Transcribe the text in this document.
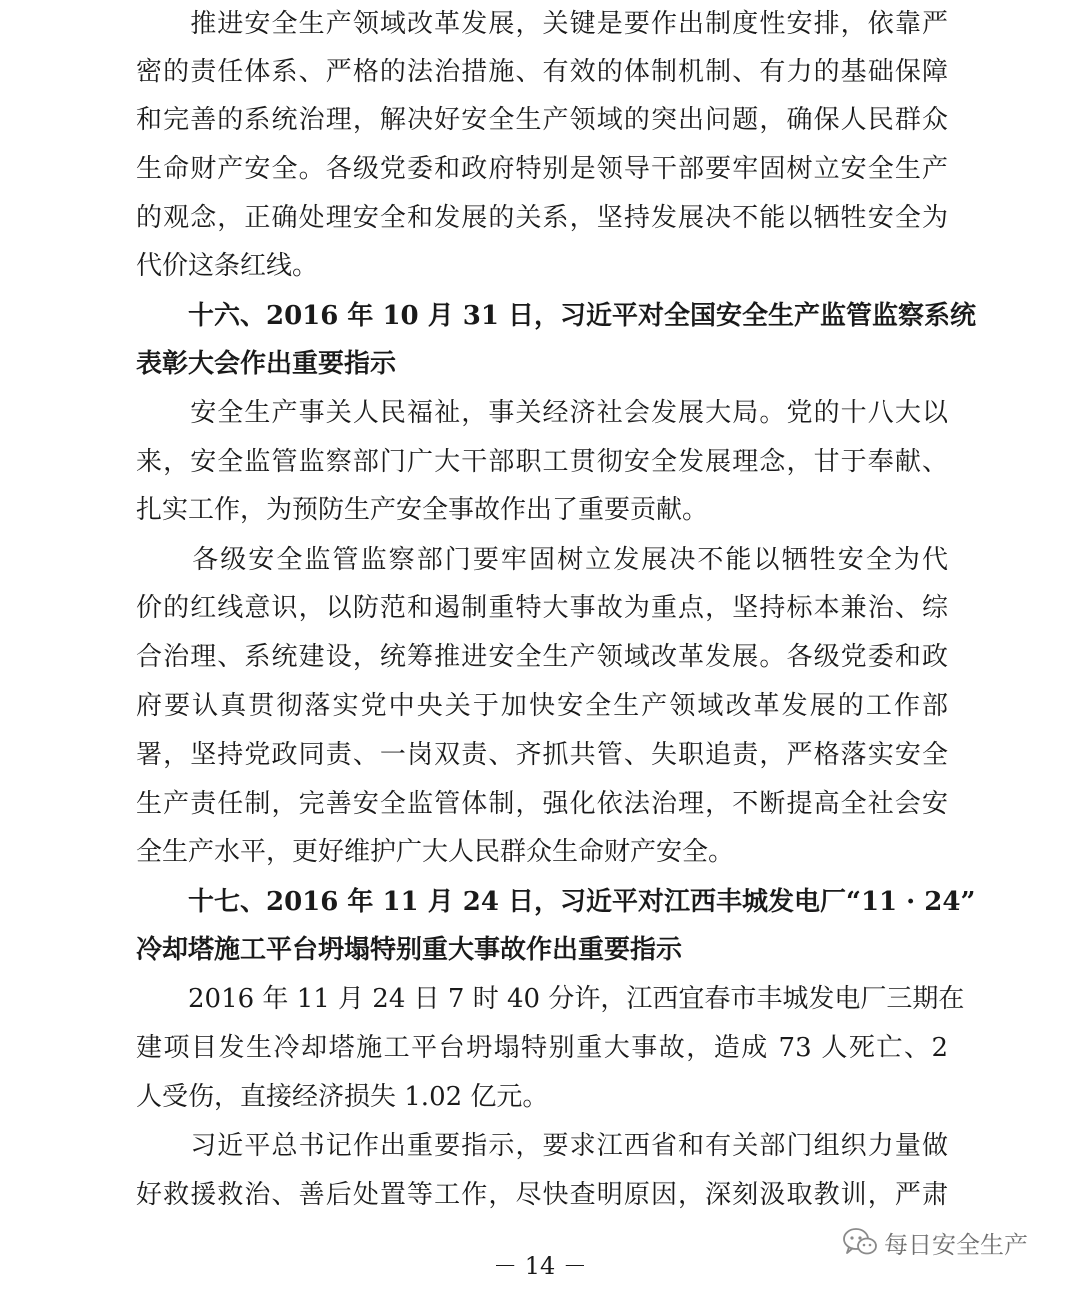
　　推进安全生产领域改革发展，关键是要作出制度性安排，依靠严
密的责任体系、严格的法治措施、有效的体制机制、有力的基础保障
和完善的系统治理，解决好安全生产领域的突出问题，确保人民群众
生命财产安全。各级党委和政府特别是领导干部要牢固树立安全生产
的观念，正确处理安全和发展的关系，坚持发展决不能以牺牲安全为
代价这条红线。
　　十六、2016 年 10 月 31 日，习近平对全国安全生产监管监察系统
表彰大会作出重要指示
　　安全生产事关人民福祉，事关经济社会发展大局。党的十八大以
来，安全监管监察部门广大干部职工贯彻安全发展理念，甘于奉献、
扎实工作，为预防生产安全事故作出了重要贡献。
　　各级安全监管监察部门要牢固树立发展决不能以牺牲安全为代
价的红线意识，以防范和遏制重特大事故为重点，坚持标本兼治、综
合治理、系统建设，统筹推进安全生产领域改革发展。各级党委和政
府要认真贯彻落实党中央关于加快安全生产领域改革发展的工作部
署，坚持党政同责、一岗双责、齐抓共管、失职追责，严格落实安全
生产责任制，完善安全监管体制，强化依法治理，不断提高全社会安
全生产水平，更好维护广大人民群众生命财产安全。
　　十七、2016 年 11 月 24 日，习近平对江西丰城发电厂“11 · 24”
冷却塔施工平台坍塌特别重大事故作出重要指示
　　2016 年 11 月 24 日 7 时 40 分许，江西宜春市丰城发电厂三期在
建项目发生冷却塔施工平台坍塌特别重大事故，造成 73 人死亡、2
人受伤，直接经济损失 1.02 亿元。
　　习近平总书记作出重要指示，要求江西省和有关部门组织力量做
好救援救治、善后处置等工作，尽快查明原因，深刻汲取教训，严肃
每日安全生产
－ 14 －
